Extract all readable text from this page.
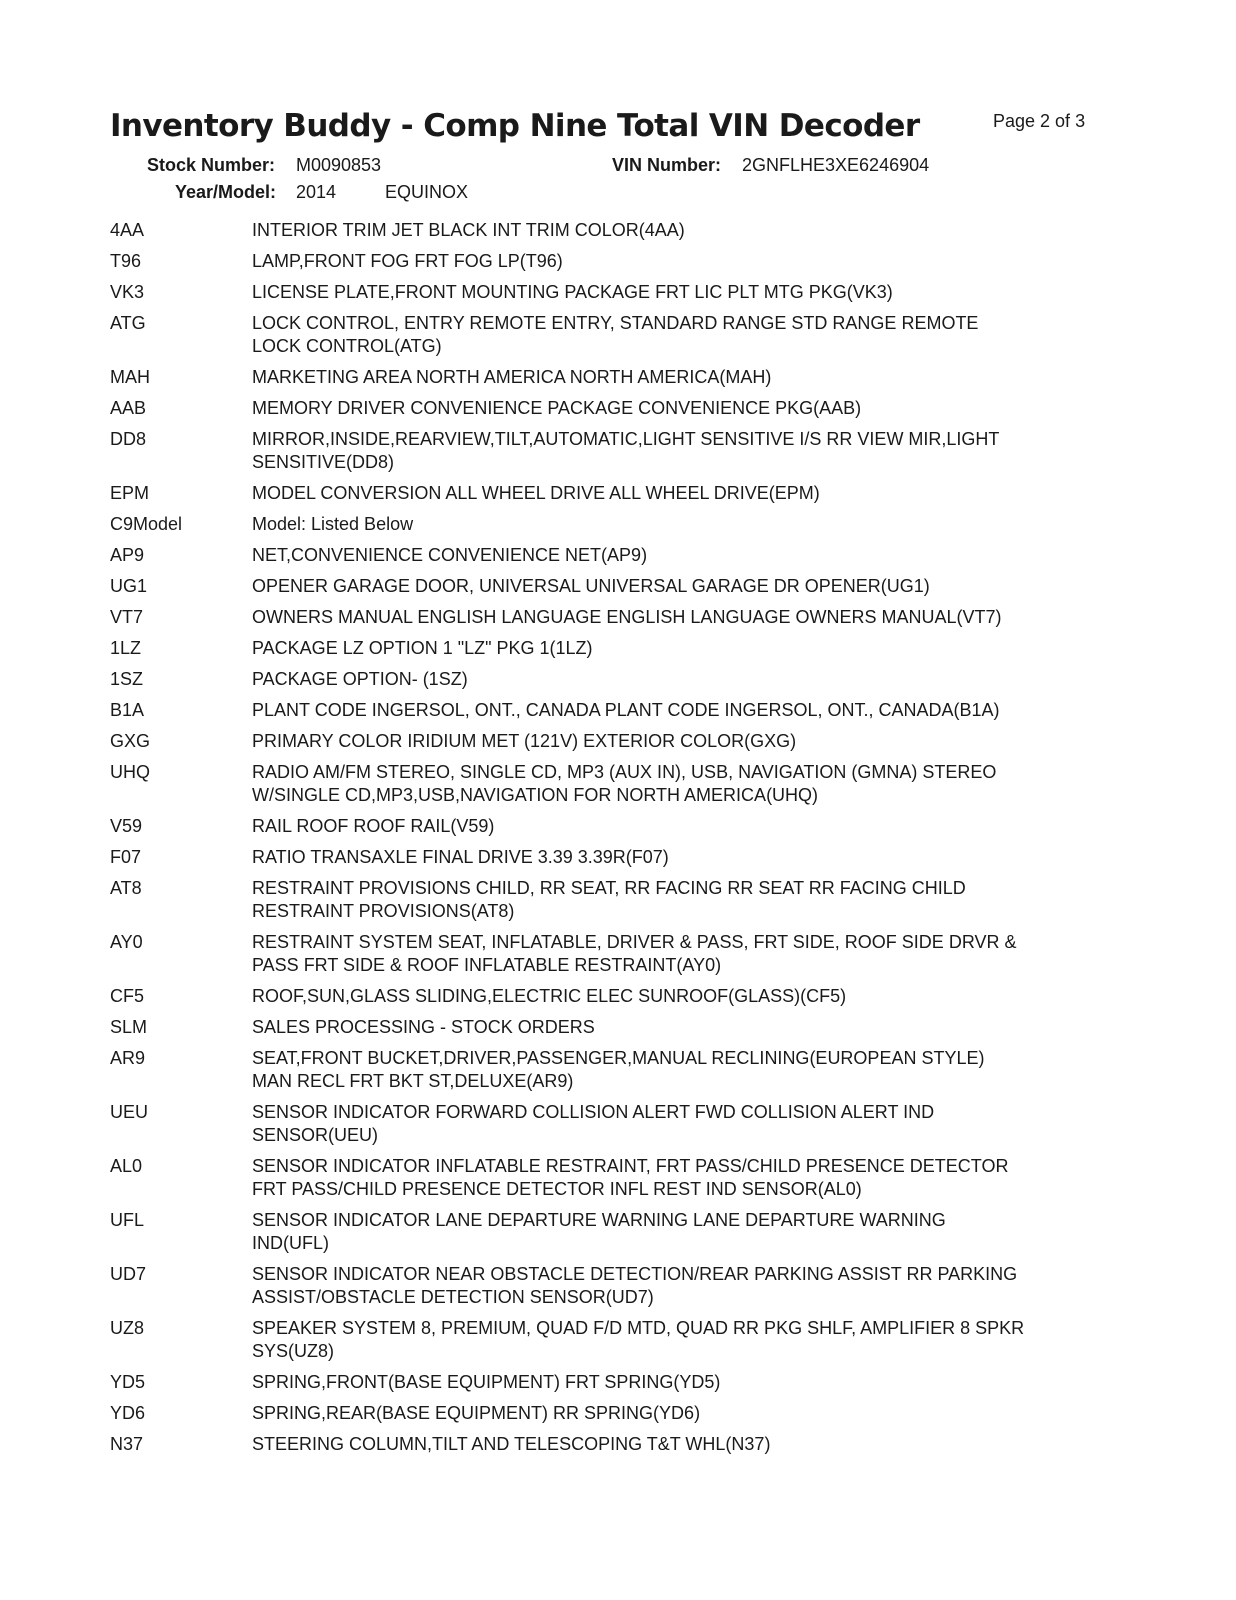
Inventory Buddy - Comp Nine Total VIN Decoder	Page 2 of 3
Stock Number: M0090853	VIN Number: 2GNFLHE3XE6246904
Year/Model: 2014	EQUINOX
4AA	INTERIOR TRIM JET BLACK INT TRIM COLOR(4AA)
T96	LAMP,FRONT FOG FRT FOG LP(T96)
VK3	LICENSE PLATE,FRONT MOUNTING PACKAGE FRT LIC PLT MTG PKG(VK3)
ATG	LOCK CONTROL, ENTRY REMOTE ENTRY, STANDARD RANGE STD RANGE REMOTE
LOCK CONTROL(ATG)
MAH	MARKETING AREA NORTH AMERICA NORTH AMERICA(MAH)
AAB	MEMORY DRIVER CONVENIENCE PACKAGE CONVENIENCE PKG(AAB)
DD8	MIRROR,INSIDE,REARVIEW,TILT,AUTOMATIC,LIGHT SENSITIVE I/S RR VIEW MIR,LIGHT
SENSITIVE(DD8)
EPM	MODEL CONVERSION ALL WHEEL DRIVE ALL WHEEL DRIVE(EPM)
C9Model	Model: Listed Below
AP9	NET,CONVENIENCE CONVENIENCE NET(AP9)
UG1	OPENER GARAGE DOOR, UNIVERSAL UNIVERSAL GARAGE DR OPENER(UG1)
VT7	OWNERS MANUAL ENGLISH LANGUAGE ENGLISH LANGUAGE OWNERS MANUAL(VT7)
1LZ	PACKAGE LZ OPTION 1 "LZ" PKG 1(1LZ)
1SZ	PACKAGE OPTION- (1SZ)
B1A	PLANT CODE INGERSOL, ONT., CANADA PLANT CODE INGERSOL, ONT., CANADA(B1A)
GXG	PRIMARY COLOR IRIDIUM MET (121V) EXTERIOR COLOR(GXG)
UHQ	RADIO AM/FM STEREO, SINGLE CD, MP3 (AUX IN), USB, NAVIGATION (GMNA) STEREO
W/SINGLE CD,MP3,USB,NAVIGATION FOR NORTH AMERICA(UHQ)
V59	RAIL ROOF ROOF RAIL(V59)
F07	RATIO TRANSAXLE FINAL DRIVE 3.39 3.39R(F07)
AT8	RESTRAINT PROVISIONS CHILD, RR SEAT, RR FACING RR SEAT RR FACING CHILD
RESTRAINT PROVISIONS(AT8)
AY0	RESTRAINT SYSTEM SEAT, INFLATABLE, DRIVER & PASS, FRT SIDE, ROOF SIDE DRVR &
PASS FRT SIDE & ROOF INFLATABLE RESTRAINT(AY0)
CF5	ROOF,SUN,GLASS SLIDING,ELECTRIC ELEC SUNROOF(GLASS)(CF5)
SLM	SALES PROCESSING - STOCK ORDERS
AR9	SEAT,FRONT BUCKET,DRIVER,PASSENGER,MANUAL RECLINING(EUROPEAN STYLE)
MAN RECL FRT BKT ST,DELUXE(AR9)
UEU	SENSOR INDICATOR FORWARD COLLISION ALERT FWD COLLISION ALERT IND
SENSOR(UEU)
AL0	SENSOR INDICATOR INFLATABLE RESTRAINT, FRT PASS/CHILD PRESENCE DETECTOR
FRT PASS/CHILD PRESENCE DETECTOR INFL REST IND SENSOR(AL0)
UFL	SENSOR INDICATOR LANE DEPARTURE WARNING LANE DEPARTURE WARNING
IND(UFL)
UD7	SENSOR INDICATOR NEAR OBSTACLE DETECTION/REAR PARKING ASSIST RR PARKING
ASSIST/OBSTACLE DETECTION SENSOR(UD7)
UZ8	SPEAKER SYSTEM 8, PREMIUM, QUAD F/D MTD, QUAD RR PKG SHLF, AMPLIFIER 8 SPKR
SYS(UZ8)
YD5	SPRING,FRONT(BASE EQUIPMENT) FRT SPRING(YD5)
YD6	SPRING,REAR(BASE EQUIPMENT) RR SPRING(YD6)
N37	STEERING COLUMN,TILT AND TELESCOPING T&T WHL(N37)
